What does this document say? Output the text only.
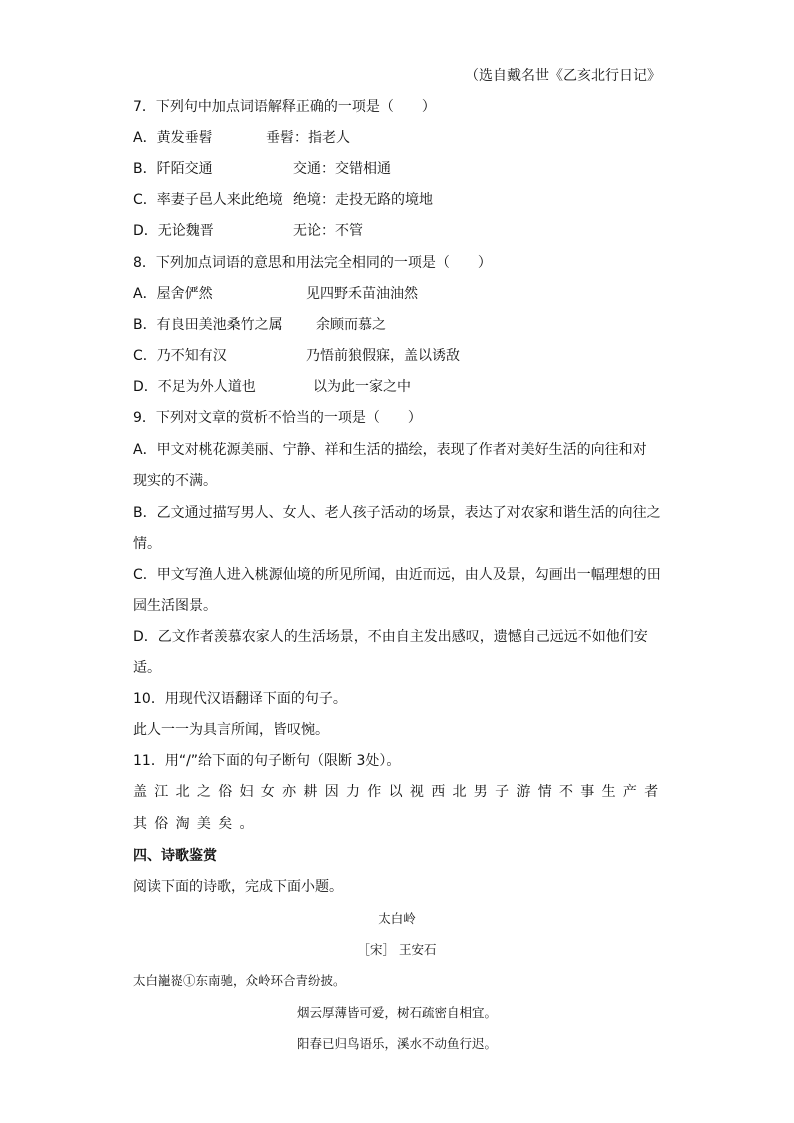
（选自戴名世《乙亥北行日记》
7．下列句中加点词语解释正确的一项是（　　）
A．黄发垂髫	垂髫：指老人
B．阡陌交通	交通：交错相通
C．率妻子邑人来此绝境 绝境：走投无路的境地
D．无论魏晋	无论：不管
8．下列加点词语的意思和用法完全相同的一项是（　　）
A．屋舍俨然	见四野禾苗油油然
B．有良田美池桑竹之属 余顾而慕之
C．乃不知有汉	乃悟前狼假寐，盖以诱敌
D．不足为外人道也	以为此一家之中
9．下列对文章的赏析不恰当的一项是（　　）
A．甲文对桃花源美丽、宁静、祥和生活的描绘，表现了作者对美好生活的向往和对
现实的不满。
B．乙文通过描写男人、女人、老人孩子活动的场景，表达了对农家和谐生活的向往之
情。
C．甲文写渔人进入桃源仙境的所见所闻，由近而远，由人及景，勾画出一幅理想的田
园生活图景。
D．乙文作者羡慕农家人的生活场景，不由自主发出感叹，遗憾自己远远不如他们安
适。
10．用现代汉语翻译下面的句子。
此人一一为具言所闻，皆叹惋。
11．用“/”给下面的句子断句（限断 3处）。
盖江北之俗妇女亦耕因力作以视西北男子游情不事生产者
其俗淘美矣。
四、诗歌鉴赏
阅读下面的诗歌，完成下面小题。
太白岭
［宋］ 王安石
太白巃嵸①东南驰，众岭环合青纷披。
烟云厚薄皆可爱，树石疏密自相宜。
阳春已归鸟语乐，溪水不动鱼行迟。
